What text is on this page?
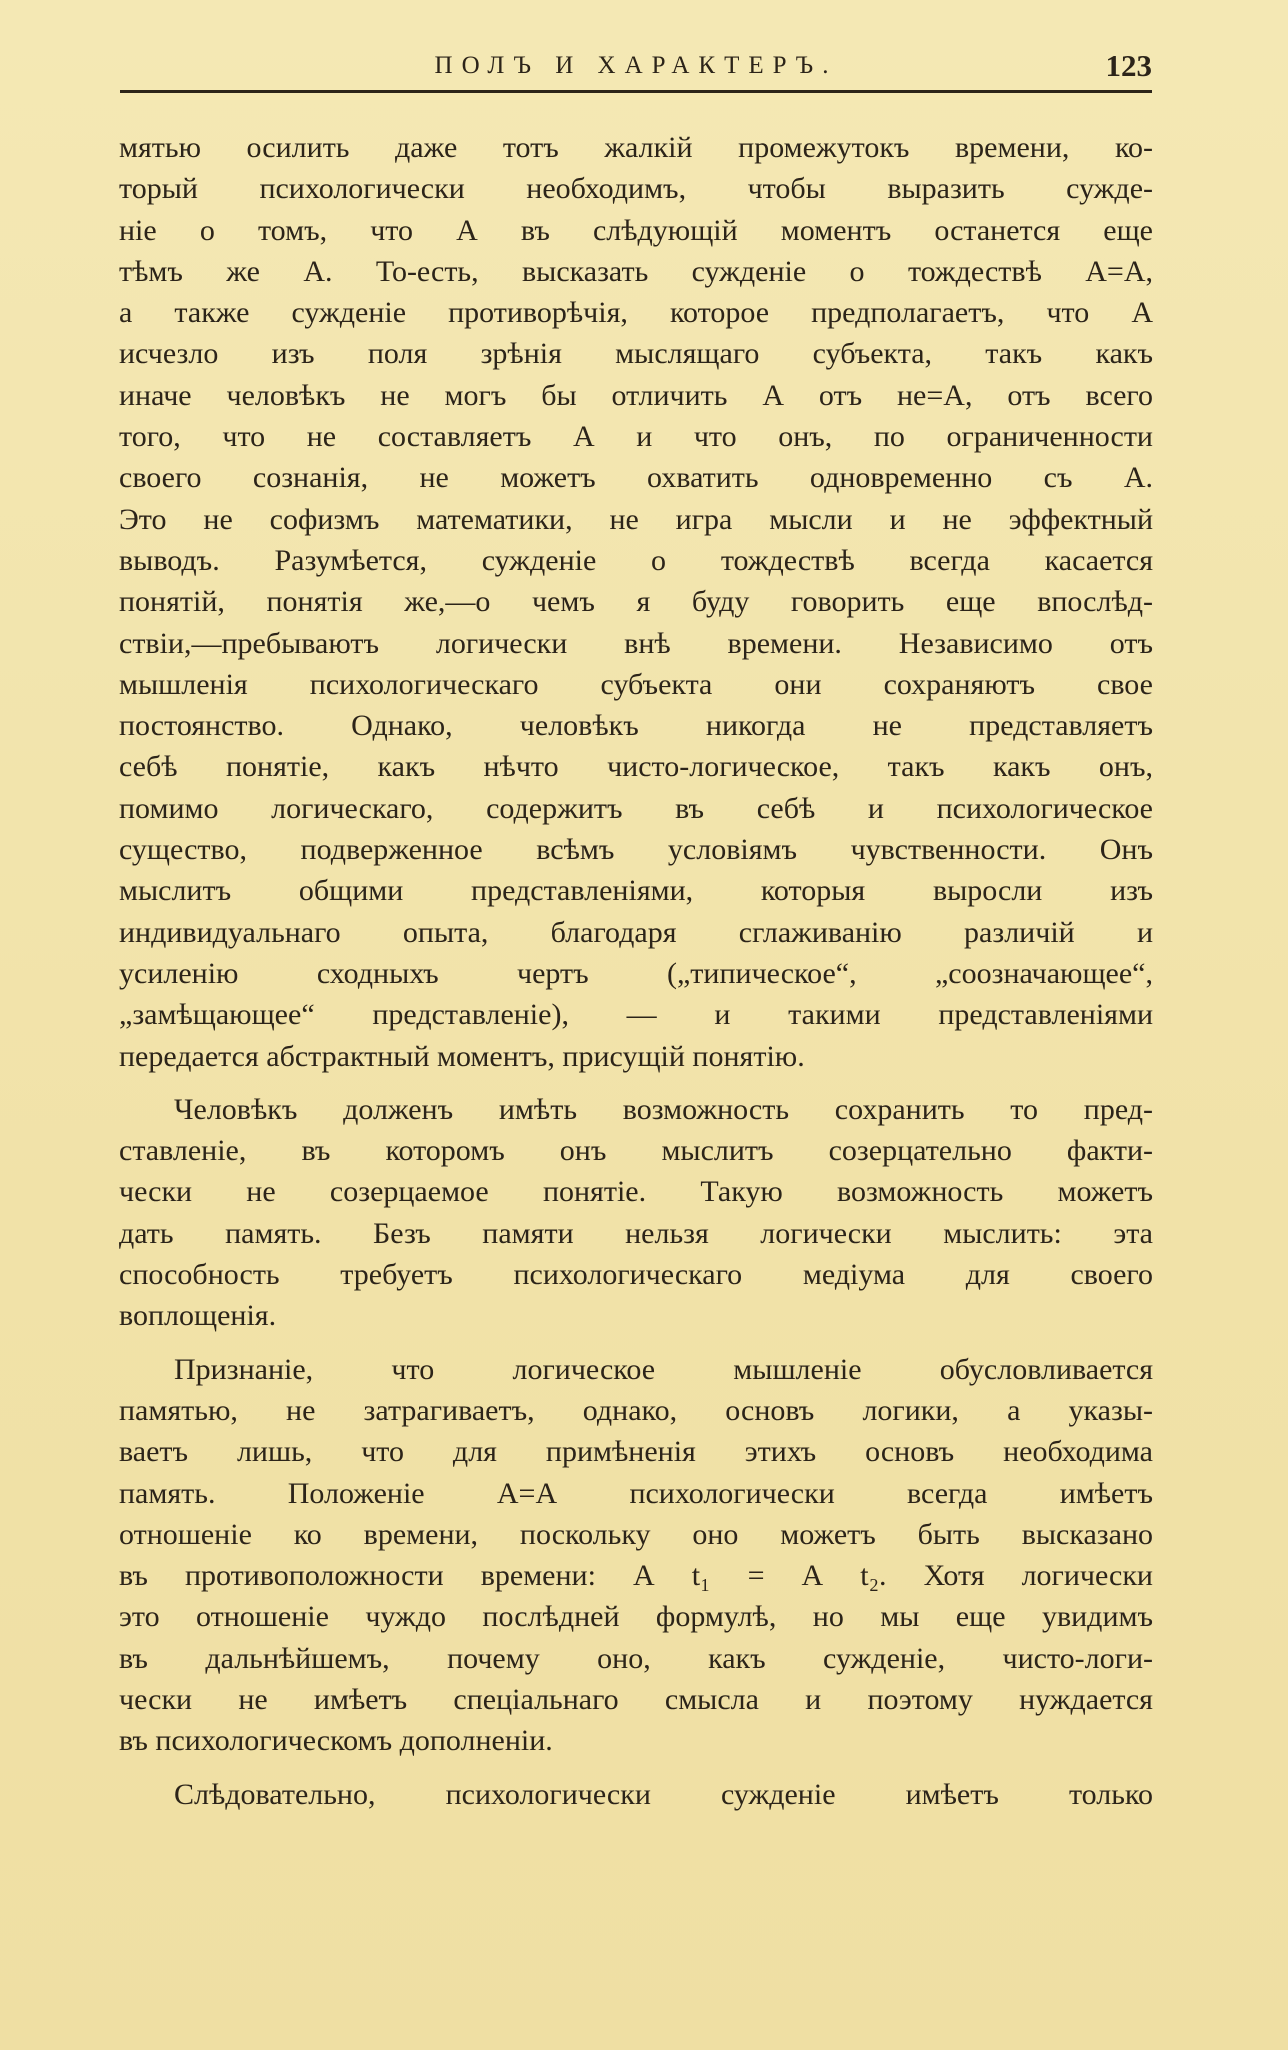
ПОЛЪ И ХАРАКТЕРЪ.	123
мятью осилить даже тотъ жалкій промежутокъ времени, ко-
торый психологически необходимъ, чтобы выразить сужде-
ніе о томъ, что А въ слѣдующій моментъ останется еще
тѣмъ же А. То-есть, высказать сужденіе о тождествѣ А=А,
а также сужденіе противорѣчія, которое предполагаетъ, что А
исчезло изъ поля зрѣнія мыслящаго субъекта, такъ какъ
иначе человѣкъ не могъ бы отличить А отъ не=А, отъ всего
того, что не составляетъ А и что онъ, по ограниченности
своего сознанія, не можетъ охватить одновременно съ А.
Это не софизмъ математики, не игра мысли и не эффектный
выводъ. Разумѣется, сужденіе о тождествѣ всегда касается
понятій, понятія же,—о чемъ я буду говорить еще впослѣд-
ствіи,—пребываютъ логически внѣ времени. Независимо отъ
мышленія психологическаго субъекта они сохраняютъ свое
постоянство. Однако, человѣкъ никогда не представляетъ
себѣ понятіе, какъ нѣчто чисто-логическое, такъ какъ онъ,
помимо логическаго, содержитъ въ себѣ и психологическое
существо, подверженное всѣмъ условіямъ чувственности. Онъ
мыслитъ общими представленіями, которыя выросли изъ
индивидуальнаго опыта, благодаря сглаживанію различій и
усиленію сходныхъ чертъ („типическое“, „соозначающее“,
„замѣщающее“ представленіе), — и такими представленіями
передается абстрактный моментъ, присущій понятію.
Человѣкъ долженъ имѣть возможность сохранить то пред-
ставленіе, въ которомъ онъ мыслитъ созерцательно факти-
чески не созерцаемое понятіе. Такую возможность можетъ
дать память. Безъ памяти нельзя логически мыслить: эта
способность требуетъ психологическаго медіума для своего
воплощенія.
Признаніе, что логическое мышленіе обусловливается
памятью, не затрагиваетъ, однако, основъ логики, а указы-
ваетъ лишь, что для примѣненія этихъ основъ необходима
память. Положеніе А=А психологически всегда имѣетъ
отношеніе ко времени, поскольку оно можетъ быть высказано
въ противоположности времени: А t₁ = А t₂. Хотя логически
это отношеніе чуждо послѣдней формулѣ, но мы еще увидимъ
въ дальнѣйшемъ, почему оно, какъ сужденіе, чисто-логи-
чески не имѣетъ спеціальнаго смысла и поэтому нуждается
въ психологическомъ дополненіи.
Слѣдовательно, психологически сужденіе имѣетъ только
